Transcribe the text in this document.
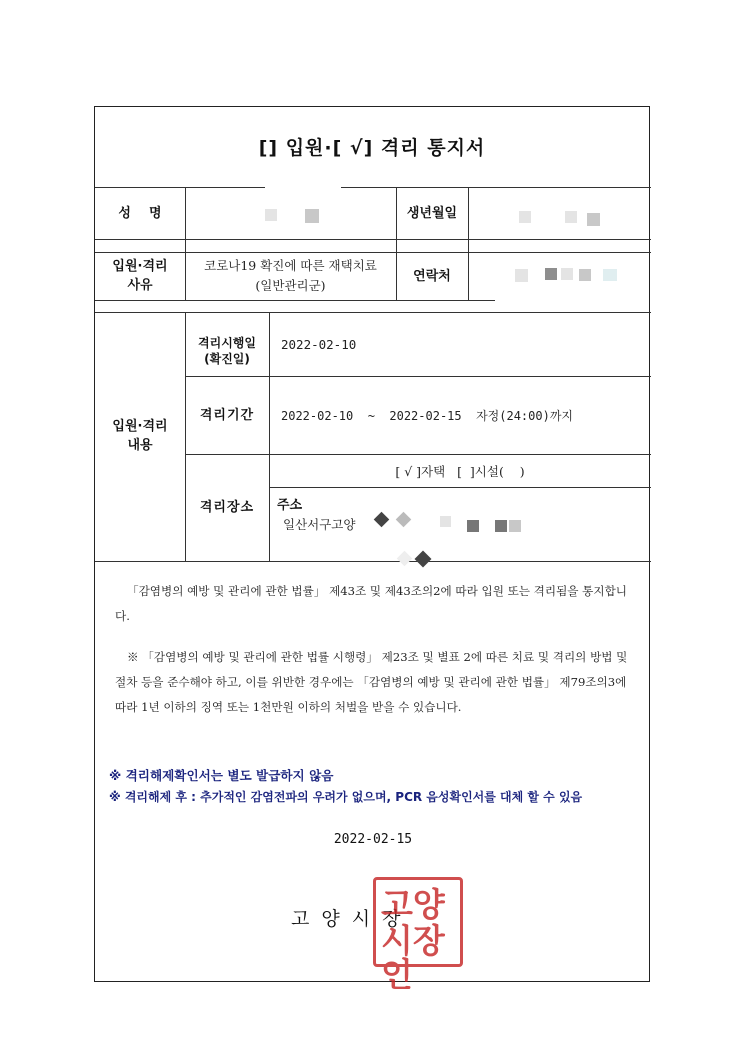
[] 입원·[ √] 격리 통지서
성    명	생년월일
입원·격리
사유
코로나19 확진에 따른 재택치료
(일반관리군)
연락처
입원·격리
내용
격리시행일
(확진일)
2022-02-10
격리기간	2022-02-10  ~  2022-02-15  자정(24:00)까지
격리장소
[ √ ]자택   [  ]시설(    )
주소
일산서구고양
「감염병의 예방 및 관리에 관한 법률」 제43조 및 제43조의2에 따라 입원 또는 격리됨을 통지합니다.
※ 「감염병의 예방 및 관리에 관한 법률 시행령」 제23조 및 별표 2에 따른 치료 및 격리의 방법 및 절차 등을 준수해야 하고, 이를 위반한 경우에는 「감염병의 예방 및 관리에 관한 법률」 제79조의3에 따라 1년 이하의 징역 또는 1천만원 이하의 처벌을 받을 수 있습니다.
※ 격리해제확인서는 별도 발급하지 않음
※ 격리해제 후 : 추가적인 감염전파의 우려가 없으며, PCR 음성확인서를 대체 할 수 있음
2022-02-15
고 양 시 장
고양
시장인
